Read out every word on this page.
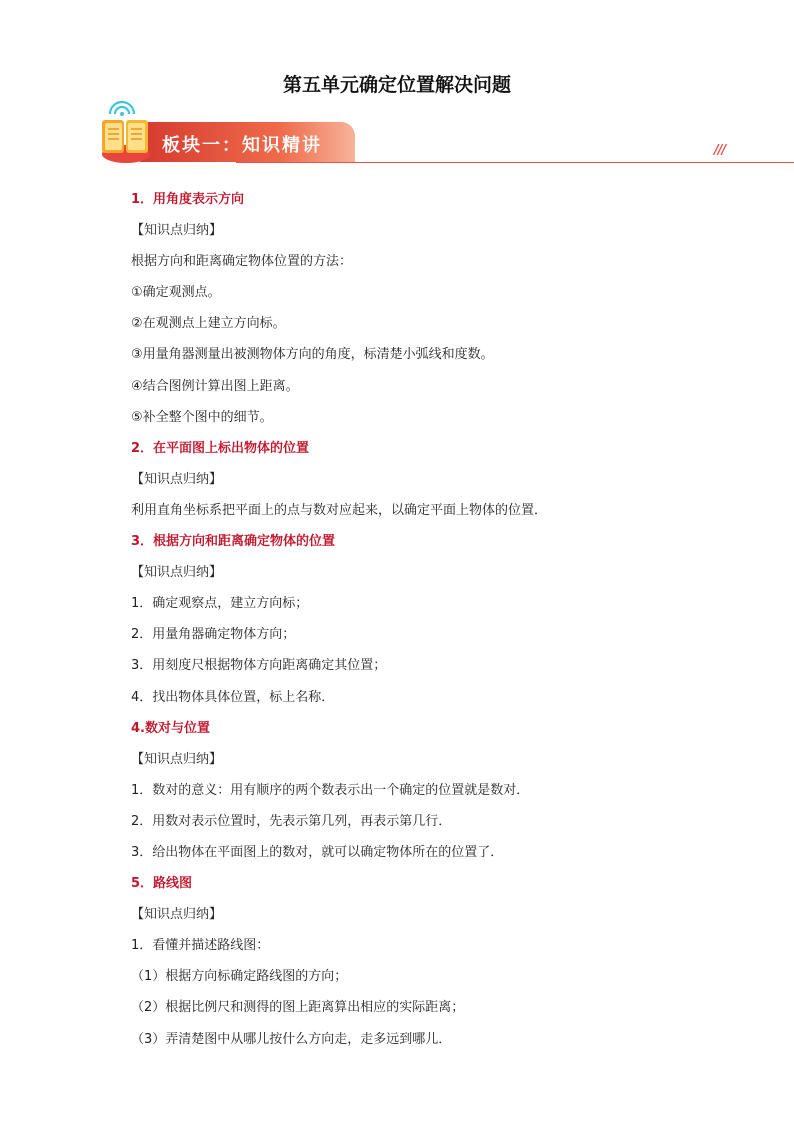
第五单元确定位置解决问题
板块一：知识精讲	///
1．用角度表示方向
【知识点归纳】
根据方向和距离确定物体位置的方法：
①确定观测点。
②在观测点上建立方向标。
③用量角器测量出被测物体方向的角度，标清楚小弧线和度数。
④结合图例计算出图上距离。
⑤补全整个图中的细节。
2．在平面图上标出物体的位置
【知识点归纳】
利用直角坐标系把平面上的点与数对应起来，以确定平面上物体的位置．
3．根据方向和距离确定物体的位置
【知识点归纳】
1．确定观察点，建立方向标；
2．用量角器确定物体方向；
3．用刻度尺根据物体方向距离确定其位置；
4．找出物体具体位置，标上名称．
4.数对与位置
【知识点归纳】
1．数对的意义：用有顺序的两个数表示出一个确定的位置就是数对．
2．用数对表示位置时，先表示第几列，再表示第几行．
3．给出物体在平面图上的数对，就可以确定物体所在的位置了．
5．路线图
【知识点归纳】
1．看懂并描述路线图：
（1）根据方向标确定路线图的方向；
（2）根据比例尺和测得的图上距离算出相应的实际距离；
（3）弄清楚图中从哪儿按什么方向走，走多远到哪儿．
